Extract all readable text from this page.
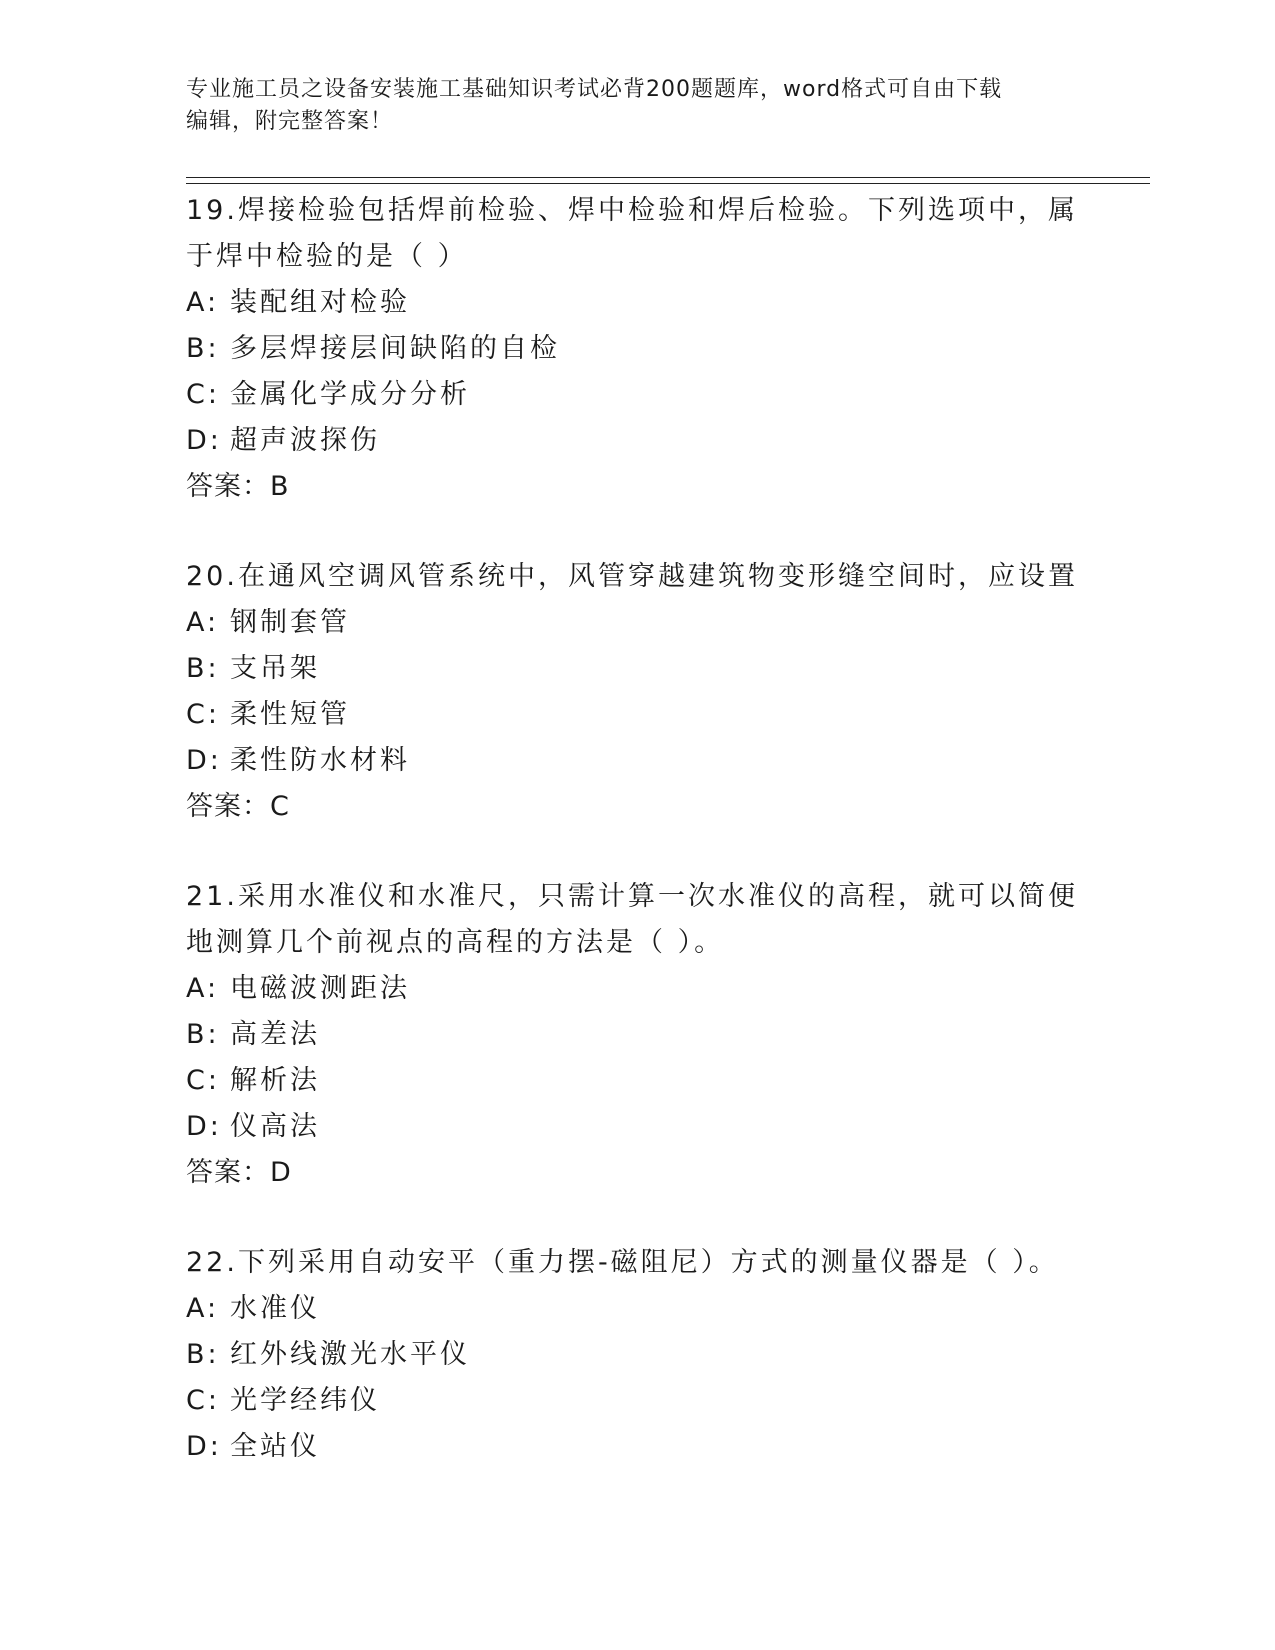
专业施工员之设备安装施工基础知识考试必背200题题库，word格式可自由下载
编辑，附完整答案！
19.焊接检验包括焊前检验、焊中检验和焊后检验。下列选项中，属于焊中检验的是（ ）
A: 装配组对检验
B: 多层焊接层间缺陷的自检
C: 金属化学成分分析
D: 超声波探伤
答案：B
20.在通风空调风管系统中，风管穿越建筑物变形缝空间时，应设置
A: 钢制套管
B: 支吊架
C: 柔性短管
D: 柔性防水材料
答案：C
21.采用水准仪和水准尺，只需计算一次水准仪的高程，就可以简便地测算几个前视点的高程的方法是（ ）。
A: 电磁波测距法
B: 高差法
C: 解析法
D: 仪高法
答案：D
22.下列采用自动安平（重力摆-磁阻尼）方式的测量仪器是（ ）。
A: 水准仪
B: 红外线激光水平仪
C: 光学经纬仪
D: 全站仪
